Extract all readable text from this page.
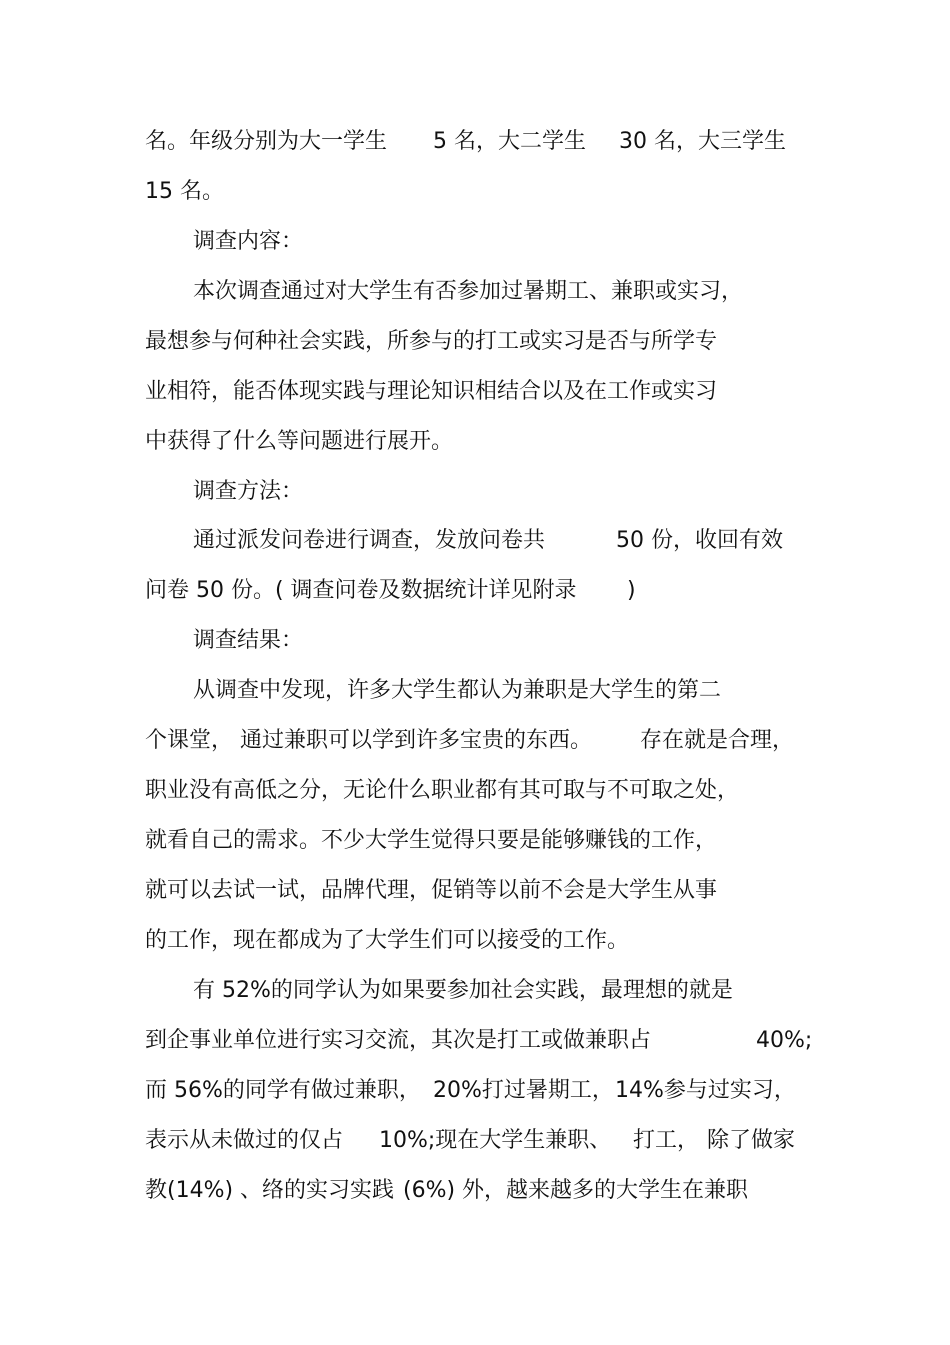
名。年级分别为大一学生 5 名，大二学生 30 名，大三学生
15 名。
调查内容：
本次调查通过对大学生有否参加过暑期工、兼职或实习，
最想参与何种社会实践，所参与的打工或实习是否与所学专
业相符，能否体现实践与理论知识相结合以及在工作或实习
中获得了什么等问题进行展开。
调查方法：
通过派发问卷进行调查，发放问卷共	50 份，收回有效
问卷 50 份。( 调查问卷及数据统计详见附录 )
调查结果：
从调查中发现，许多大学生都认为兼职是大学生的第二
个课堂， 通过兼职可以学到许多宝贵的东西。 存在就是合理，
职业没有高低之分，无论什么职业都有其可取与不可取之处，
就看自己的需求。不少大学生觉得只要是能够赚钱的工作，
就可以去试一试，品牌代理，促销等以前不会是大学生从事
的工作，现在都成为了大学生们可以接受的工作。
有 52%的同学认为如果要参加社会实践，最理想的就是
到企事业单位进行实习交流，其次是打工或做兼职占	40%;
而 56%的同学有做过兼职， 20%打过暑期工， 14%参与过实习，
表示从未做过的仅占 10%;现在大学生兼职、 打工， 除了做家
教(14%) 、络的实习实践 (6%) 外，越来越多的大学生在兼职
